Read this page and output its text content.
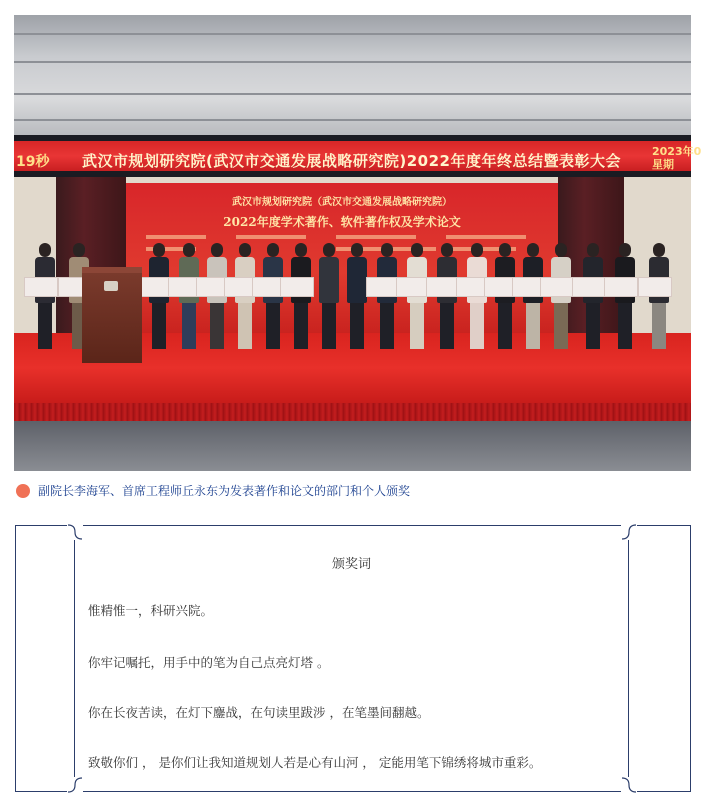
19秒 武汉市规划研究院(武汉市交通发展战略研究院)2022年度年终总结暨表彰大会
2023年0
星期
武汉市规划研究院（武汉市交通发展战略研究院）
2022年度学术著作、软件著作权及学术论文
副院长李海军、首席工程师丘永东为发表著作和论文的部门和个人颁奖
颁奖词
惟精惟一，科研兴院。
你牢记嘱托，用手中的笔为自己点亮灯塔 。
你在长夜苦读，在灯下鏖战，在句读里跋涉 ，在笔墨间翻越。
致敬你们 ， 是你们让我知道规划人若是心有山河 ， 定能用笔下锦绣将城市重彩。
